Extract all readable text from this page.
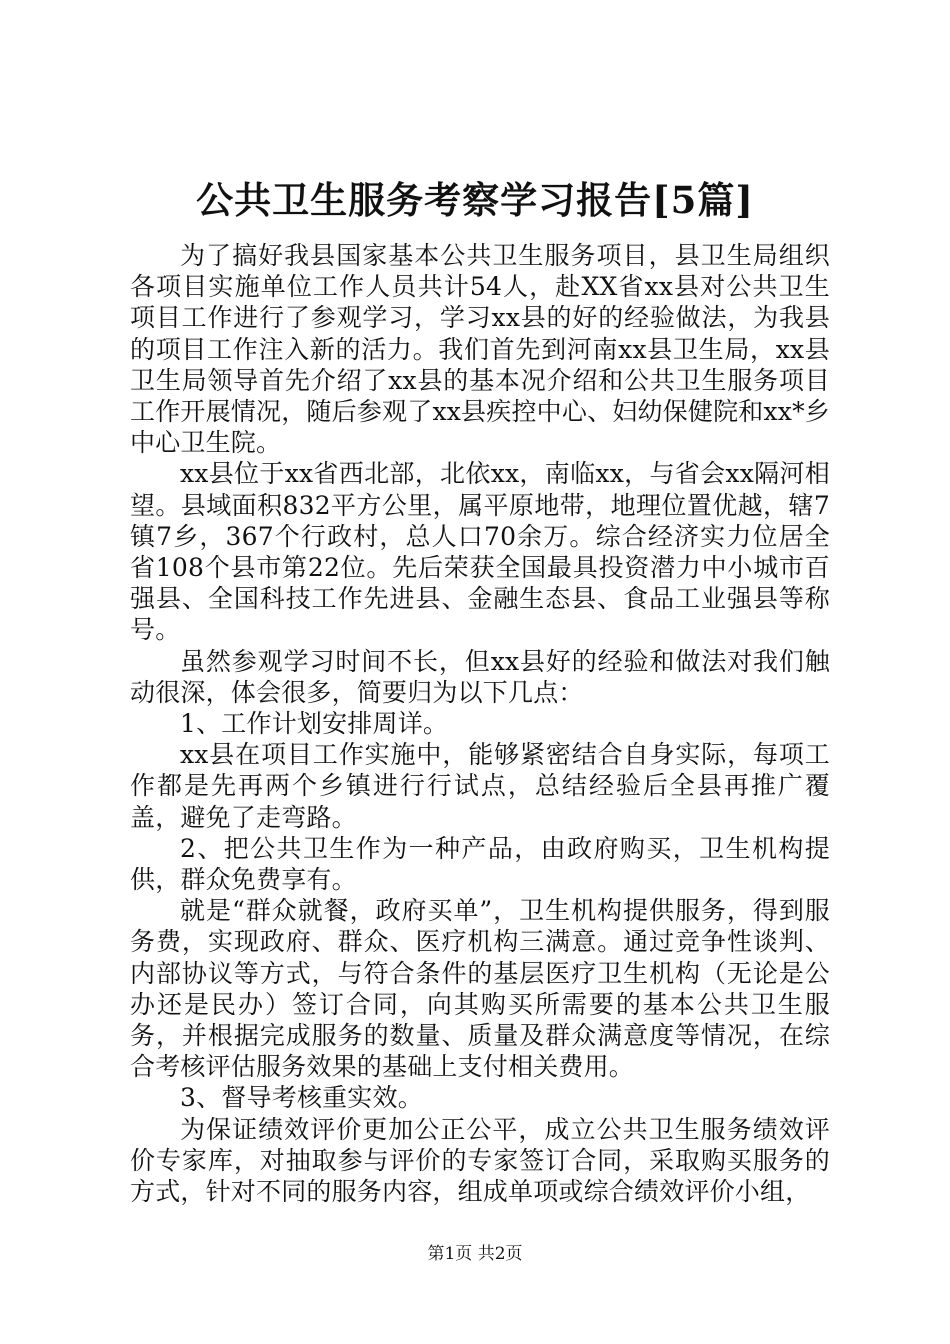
公共卫生服务考察学习报告[5篇]

为了搞好我县国家基本公共卫生服务项目，县卫生局组织各项目实施单位工作人员共计54人，赴XX省xx县对公共卫生项目工作进行了参观学习，学习xx县的好的经验做法，为我县的项目工作注入新的活力。我们首先到河南xx县卫生局，xx县卫生局领导首先介绍了xx县的基本况介绍和公共卫生服务项目工作开展情况，随后参观了xx县疾控中心、妇幼保健院和xx*乡中心卫生院。

xx县位于xx省西北部，北依xx，南临xx，与省会xx隔河相望。县域面积832平方公里，属平原地带，地理位置优越，辖7镇7乡，367个行政村，总人口70余万。综合经济实力位居全省108个县市第22位。先后荣获全国最具投资潜力中小城市百强县、全国科技工作先进县、金融生态县、食品工业强县等称号。

虽然参观学习时间不长，但xx县好的经验和做法对我们触动很深，体会很多，简要归为以下几点：

1、工作计划安排周详。

xx县在项目工作实施中，能够紧密结合自身实际，每项工作都是先再两个乡镇进行行试点，总结经验后全县再推广覆盖，避免了走弯路。

2、把公共卫生作为一种产品，由政府购买，卫生机构提供，群众免费享有。

就是“群众就餐，政府买单”，卫生机构提供服务，得到服务费，实现政府、群众、医疗机构三满意。通过竞争性谈判、内部协议等方式，与符合条件的基层医疗卫生机构（无论是公办还是民办）签订合同，向其购买所需要的基本公共卫生服务，并根据完成服务的数量、质量及群众满意度等情况，在综合考核评估服务效果的基础上支付相关费用。

3、督导考核重实效。

为保证绩效评价更加公正公平，成立公共卫生服务绩效评价专家库，对抽取参与评价的专家签订合同，采取购买服务的方式，针对不同的服务内容，组成单项或综合绩效评价小组，

第1页 共2页
